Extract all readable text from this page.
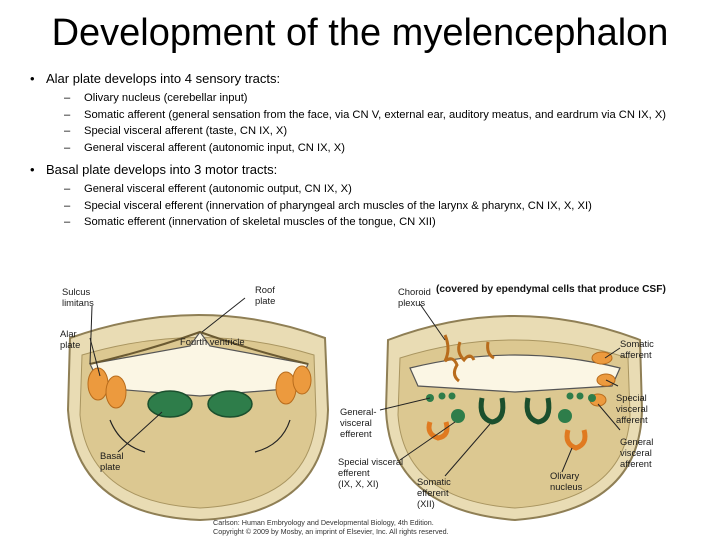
Development of the myelencephalon
• Alar plate develops into 4 sensory tracts:
– Olivary nucleus (cerebellar input)
– Somatic afferent (general sensation from the face, via CN V, external ear, auditory meatus, and eardrum via CN IX, X)
– Special visceral afferent (taste, CN IX, X)
– General visceral afferent (autonomic input, CN IX, X)
• Basal plate develops into 3 motor tracts:
– General visceral efferent (autonomic output, CN IX, X)
– Special visceral efferent (innervation of pharyngeal arch muscles of the larynx & pharynx, CN IX, X, XI)
– Somatic efferent (innervation of skeletal muscles of the tongue, CN XII)
Sulcus
limitans
Roof
plate
Fourth ventricle
Alar
plate
Basal
plate
Choroid
plexus
(covered by ependymal cells that produce CSF)
Somatic
afferent
Special
visceral
afferent
General
visceral
afferent
General-
visceral
efferent
Special visceral
efferent
(IX, X, XI)	Somatic
efferent
(XII)
Olivary
nucleus
Carlson: Human Embryology and Developmental Biology, 4th Edition.
Copyright © 2009 by Mosby, an imprint of Elsevier, Inc. All rights reserved.
